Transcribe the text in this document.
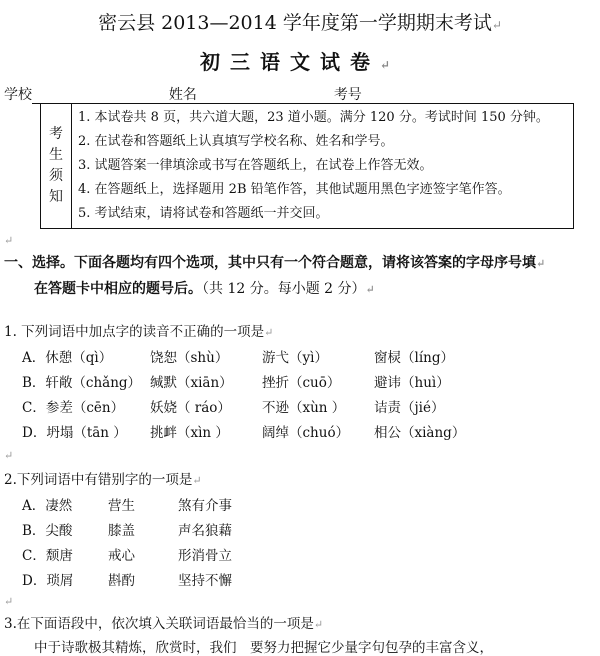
密云县 2013—2014 学年度第一学期期末考试↵
初三语文试卷↵
学校	姓名	考号
考
生
须
知

1. 本试卷共 8 页，共六道大题，23 道小题。满分 120 分。考试时间 150 分钟。
2. 在试卷和答题纸上认真填写学校名称、姓名和学号。
3. 试题答案一律填涂或书写在答题纸上，在试卷上作答无效。
4. 在答题纸上，选择题用 2B 铅笔作答，其他试题用黑色字迹签字笔作答。
5. 考试结束，请将试卷和答题纸一并交回。
↵
一、选择。下面各题均有四个选项，其中只有一个符合题意，请将该答案的字母序号填↵
在答题卡中相应的题号后。（共 12 分。每小题 2 分）↵
1. 下列词语中加点字的读音不正确的一项是↵
A．休憩（qì）	饶恕（shù） 游弋（yì）	窗棂（líng）
B．轩敞（chǎng） 缄默（xiān） 挫折（cuō） 避讳（huì）
C．参差（cēn） 妖娆（ ráo） 不逊（xùn ） 诘责（jié）
D．坍塌（tān ） 挑衅（xìn ） 阔绰（chuó） 相公（xiàng）
↵
2.下列词语中有错别字的一项是↵
A．凄然	营生	煞有介事
B．尖酸	膝盖	声名狼藉
C．颓唐	戒心	形消骨立
D．琐屑	斟酌	坚持不懈
↵
3.在下面语段中，依次填入关联词语最恰当的一项是↵
中于诗歌极其精炼，欣赏时，我们　要努力把握它少量字句包孕的丰富含义，
